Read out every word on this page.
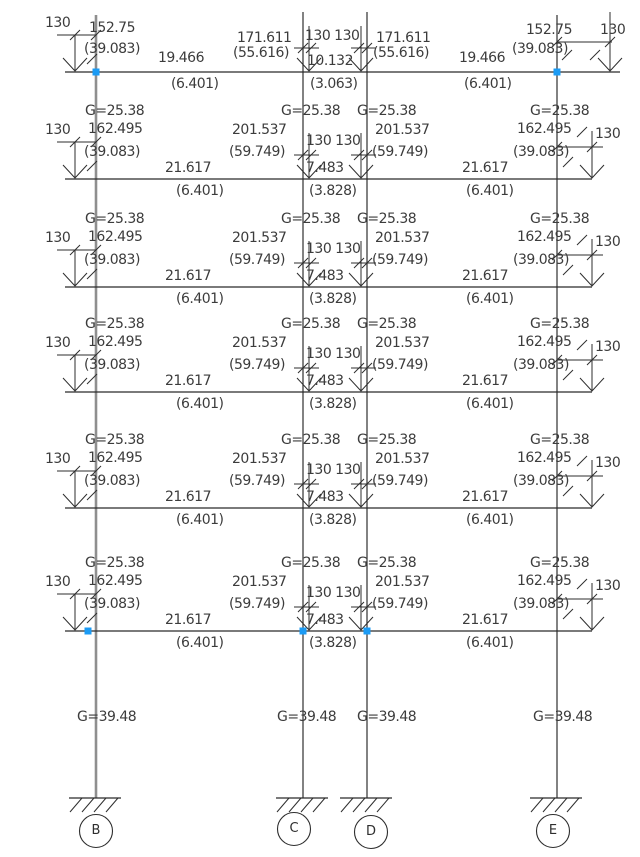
130 152.75
(39.083)
19.466
(6.401)
171.611
(55.616)
130 130
10.132
(3.063)
171.611
(55.616) 19.466
(6.401)
152.75
(39.083)
130
G=25.38	G=25.38 G=25.38	G=25.38
130 162.495
(39.083)
21.617
(6.401)
201.537
(59.749)
130 130
7.483
(3.828)
201.537
(59.749)
21.617
(6.401)
162.495
(39.083)
130
G=25.38	G=25.38 G=25.38	G=25.38
130 162.495
(39.083)
21.617
(6.401)
201.537
(59.749)
130 130
7.483
(3.828)
201.537
(59.749)
21.617
(6.401)
162.495
(39.083)
130
G=25.38	G=25.38 G=25.38	G=25.38
130 162.495
(39.083)
21.617
(6.401)
201.537
(59.749)
130 130
7.483
(3.828)
201.537
(59.749)
21.617
(6.401)
162.495
(39.083)
130
G=25.38	G=25.38 G=25.38	G=25.38
130 162.495
(39.083)
21.617
(6.401)
201.537
(59.749)
130 130
7.483
(3.828)
201.537
(59.749)
21.617
(6.401)
162.495
(39.083)
130
G=25.38	G=25.38 G=25.38	G=25.38
130 162.495
(39.083)
21.617
(6.401)
201.537
(59.749)
130 130
7.483
(3.828)
201.537
(59.749)
21.617
(6.401)
162.495
(39.083)
130
G=39.48	G=39.48 G=39.48	G=39.48
B	C	D	E
